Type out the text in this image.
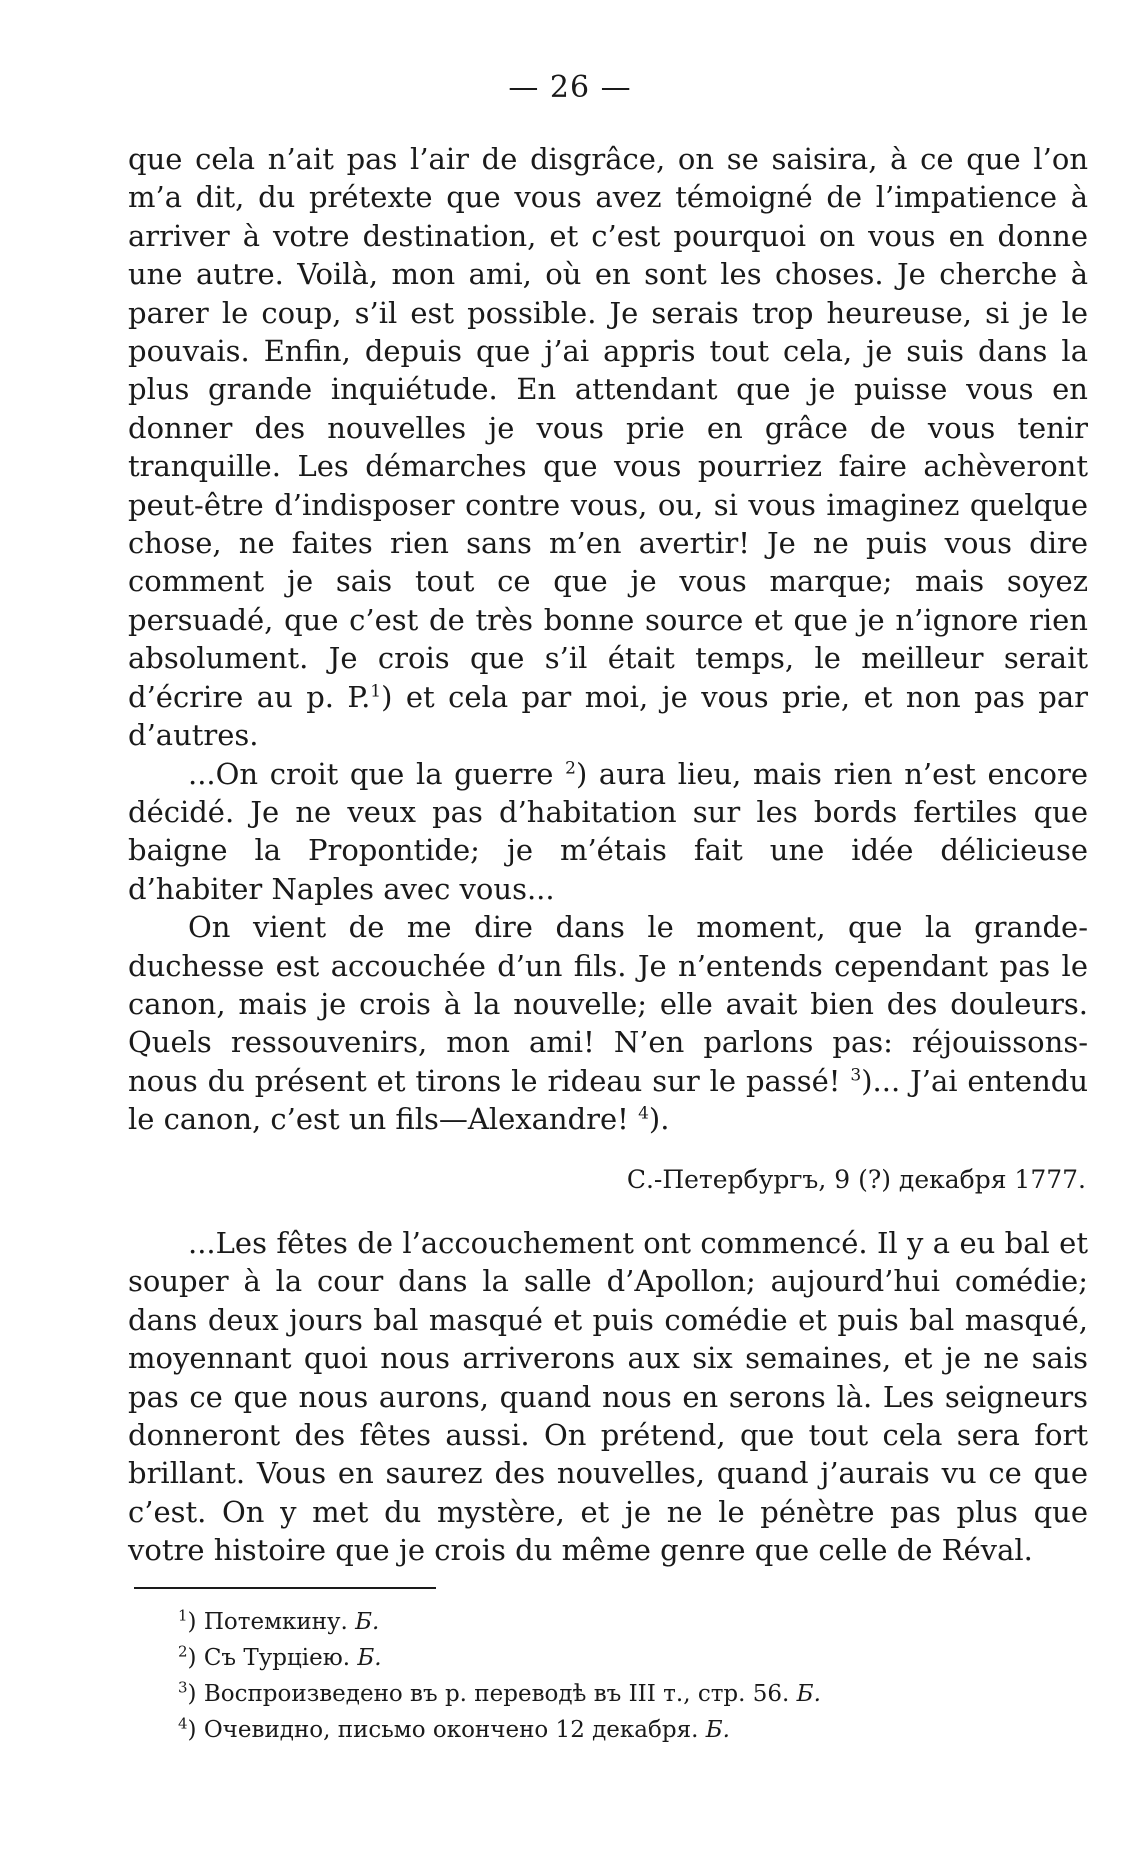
— 26 —

que cela n’ait pas l’air de disgrâce, on se saisira, à ce que l’on m’a dit, du prétexte que vous avez témoigné de l’impatience à arriver à votre destination, et c’est pourquoi on vous en donne une autre. Voilà, mon ami, où en sont les choses. Je cherche à parer le coup, s’il est possible. Je serais trop heureuse, si je le pouvais. Enfin, depuis que j’ai appris tout cela, je suis dans la plus grande inquiétude. En attendant que je puisse vous en donner des nouvelles je vous prie en grâce de vous tenir tranquille. Les démarches que vous pourriez faire achèveront peut-être d’indisposer contre vous, ou, si vous imaginez quelque chose, ne faites rien sans m’en avertir! Je ne puis vous dire comment je sais tout ce que je vous marque; mais soyez persuadé, que c’est de très bonne source et que je n’ignore rien absolument. Je crois que s’il était temps, le meilleur serait d’écrire au p. P.$^1$) et cela par moi, je vous prie, et non pas par d’autres.

...On croit que la guerre $^2$) aura lieu, mais rien n’est encore décidé. Je ne veux pas d’habitation sur les bords fertiles que baigne la Propontide; je m’étais fait une idée délicieuse d’habiter Naples avec vous...

On vient de me dire dans le moment, que la grande-duchesse est accouchée d’un fils. Je n’entends cependant pas le canon, mais je crois à la nouvelle; elle avait bien des douleurs. Quels ressouvenirs, mon ami! N’en parlons pas: réjouissons-nous du présent et tirons le rideau sur le passé! $^3$)... J’ai entendu le canon, c’est un fils—Alexandre! $^4$).

С.-Петербургъ, 9 (?) декабря 1777.

...Les fêtes de l’accouchement ont commencé. Il y a eu bal et souper à la cour dans la salle d’Apollon; aujourd’hui comédie; dans deux jours bal masqué et puis comédie et puis bal masqué, moyennant quoi nous arriverons aux six semaines, et je ne sais pas ce que nous aurons, quand nous en serons là. Les seigneurs donneront des fêtes aussi. On prétend, que tout cela sera fort brillant. Vous en saurez des nouvelles, quand j’aurais vu ce que c’est. On y met du mystère, et je ne le pénètre pas plus que votre histoire que je crois du même genre que celle de Réval.

$^1$) Потемкину. Б.
$^2$) Съ Турціею. Б.
$^3$) Воспроизведено въ р. переводѣ въ III т., стр. 56. Б.
$^4$) Очевидно, письмо окончено 12 декабря. Б.
